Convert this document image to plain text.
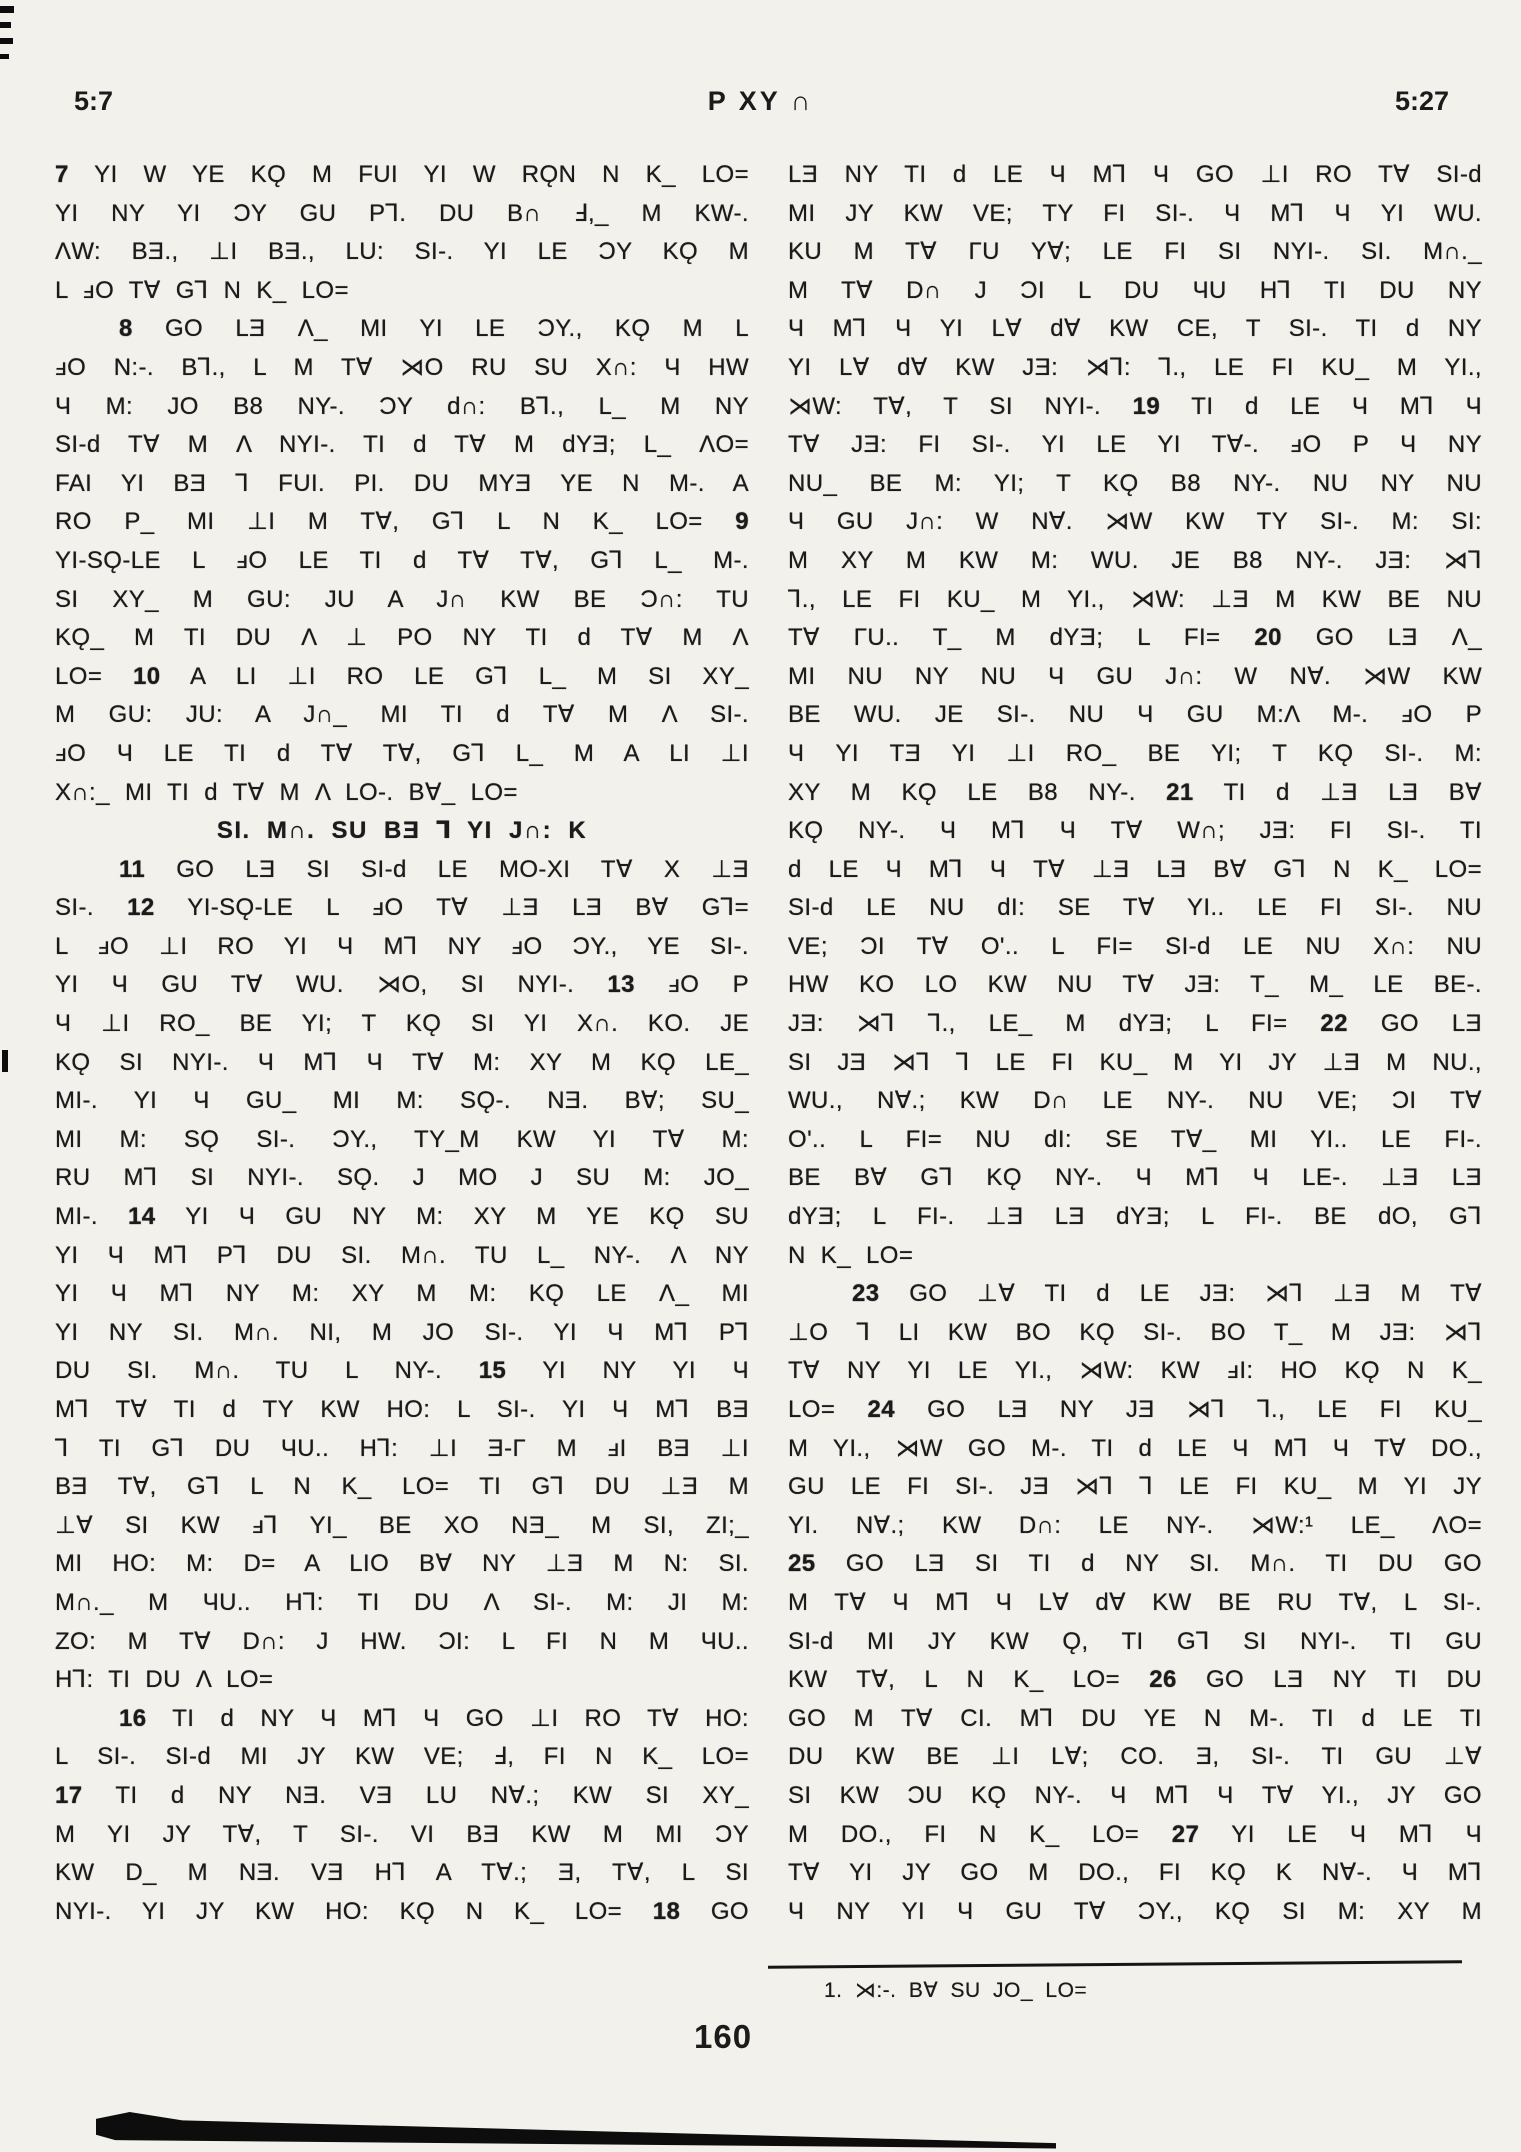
5:7	P XY ∩	5:27
7 YI W YE KǪ M FUI YI W RǪN N K_ LO=
YI NY YI ƆY GU P⅂. DU B∩ Ⅎ,_ M KW-.
ΛW: BƎ., ⊥I BƎ., LU: SI-. YI LE ƆY KǪ M
L ⅎO T∀ G⅂ N K_ LO=
8 GO LƎ Λ_ MI YI LE ƆY., KǪ M L
ⅎO N:-. B⅂., L M T∀ ⋊O RU SU X∩: Ч HW
Ч M: JO B8 NY-. ƆY d∩: B⅂., L_ M NY
SI-d T∀ M Λ NYI-. TI d T∀ M dYƎ; L_ ΛO=
FAI YI BƎ ⅂ FUI. PI. DU MYƎ YE N M-. A
RO P_ MI ⊥I M T∀, G⅂ L N K_ LO= 9
YI-SǪ-LE L ⅎO LE TI d T∀ T∀, G⅂ L_ M-.
SI XY_ M GU: JU A J∩ KW BE Ɔ∩: TU
KǪ_ M TI DU Λ ⊥ PO NY TI d T∀ M Λ
LO= 10 A LI ⊥I RO LE G⅂ L_ M SI XY_
M GU: JU: A J∩_ MI TI d T∀ M Λ SI-.
ⅎO Ч LE TI d T∀ T∀, G⅂ L_ M A LI ⊥I
X∩:_ MI TI d T∀ M Λ LO-. B∀_ LO=
SI. M∩. SU BƎ ⅂ YI J∩: K
11 GO LƎ SI SI-d LE MO-XI T∀ X ⊥Ǝ
SI-. 12 YI-SǪ-LE L ⅎO T∀ ⊥Ǝ LƎ B∀ G⅂=
L ⅎO ⊥I RO YI Ч M⅂ NY ⅎO ƆY., YE SI-.
YI Ч GU T∀ WU. ⋊O, SI NYI-. 13 ⅎO P
Ч ⊥I RO_ BE YI; T KǪ SI YI X∩. KO. JE
KǪ SI NYI-. Ч M⅂ Ч T∀ M: XY M KǪ LE_
MI-. YI Ч GU_ MI M: SǪ-. NƎ. B∀; SU_
MI M: SǪ SI-. ƆY., TY_M KW YI T∀ M:
RU M⅂ SI NYI-. SǪ. J MO J SU M: JO_
MI-. 14 YI Ч GU NY M: XY M YE KǪ SU
YI Ч M⅂ P⅂ DU SI. M∩. TU L_ NY-. Λ NY
YI Ч M⅂ NY M: XY M M: KǪ LE Λ_ MI
YI NY SI. M∩. NI, M JO SI-. YI Ч M⅂ P⅂
DU SI. M∩. TU L NY-. 15 YI NY YI Ч
M⅂ T∀ TI d TY KW HO: L SI-. YI Ч M⅂ BƎ
⅂ TI G⅂ DU ЧU.. H⅂: ⊥I Ǝ-Γ M ⅎI BƎ ⊥I
BƎ T∀, G⅂ L N K_ LO= TI G⅂ DU ⊥Ǝ M
⊥∀ SI KW ⅎ⅂ YI_ BE XO NƎ_ M SI, ZI;_
MI HO: M: D= A LIO B∀ NY ⊥Ǝ M N: SI.
M∩._ M ЧU.. H⅂: TI DU Λ SI-. M: JI M:
ZO: M T∀ D∩: J HW. ƆI: L FI N M ЧU..
H⅂: TI DU Λ LO=
16 TI d NY Ч M⅂ Ч GO ⊥I RO T∀ HO:
L SI-. SI-d MI JY KW VE; Ⅎ, FI N K_ LO=
17 TI d NY NƎ. VƎ LU N∀.; KW SI XY_
M YI JY T∀, T SI-. VI BƎ KW M MI ƆY
KW D_ M NƎ. VƎ H⅂ A T∀.; Ǝ, T∀, L SI
NYI-. YI JY KW HO: KǪ N K_ LO= 18 GO
LƎ NY TI d LE Ч M⅂ Ч GO ⊥I RO T∀ SI-d
MI JY KW VE; TY FI SI-. Ч M⅂ Ч YI WU.
KU M T∀ ΓU Y∀; LE FI SI NYI-. SI. M∩._
M T∀ D∩ J ƆI L DU ЧU H⅂ TI DU NY
Ч M⅂ Ч YI L∀ d∀ KW CE, T SI-. TI d NY
YI L∀ d∀ KW JƎ: ⋊⅂: ⅂., LE FI KU_ M YI.,
⋊W: T∀, T SI NYI-. 19 TI d LE Ч M⅂ Ч
T∀ JƎ: FI SI-. YI LE YI T∀-. ⅎO P Ч NY
NU_ BE M: YI; T KǪ B8 NY-. NU NY NU
Ч GU J∩: W N∀. ⋊W KW TY SI-. M: SI:
M XY M KW M: WU. JE B8 NY-. JƎ: ⋊⅂
⅂., LE FI KU_ M YI., ⋊W: ⊥Ǝ M KW BE NU
T∀ ΓU.. T_ M dYƎ; L FI= 20 GO LƎ Λ_
MI NU NY NU Ч GU J∩: W N∀. ⋊W KW
BE WU. JE SI-. NU Ч GU M:Λ M-. ⅎO P
Ч YI TƎ YI ⊥I RO_ BE YI; T KǪ SI-. M:
XY M KǪ LE B8 NY-. 21 TI d ⊥Ǝ LƎ B∀
KǪ NY-. Ч M⅂ Ч T∀ W∩; JƎ: FI SI-. TI
d LE Ч M⅂ Ч T∀ ⊥Ǝ LƎ B∀ G⅂ N K_ LO=
SI-d LE NU dI: SE T∀ YI.. LE FI SI-. NU
VE; ƆI T∀ O'.. L FI= SI-d LE NU X∩: NU
HW KO LO KW NU T∀ JƎ: T_ M_ LE BE-.
JƎ: ⋊⅂ ⅂., LE_ M dYƎ; L FI= 22 GO LƎ
SI JƎ ⋊⅂ ⅂ LE FI KU_ M YI JY ⊥Ǝ M NU.,
WU., N∀.; KW D∩ LE NY-. NU VE; ƆI T∀
O'.. L FI= NU dI: SE T∀_ MI YI.. LE FI-.
BE B∀ G⅂ KǪ NY-. Ч M⅂ Ч LE-. ⊥Ǝ LƎ
dYƎ; L FI-. ⊥Ǝ LƎ dYƎ; L FI-. BE dO, G⅂
N K_ LO=
23 GO ⊥∀ TI d LE JƎ: ⋊⅂ ⊥Ǝ M T∀
⊥O ⅂ LI KW BO KǪ SI-. BO T_ M JƎ: ⋊⅂
T∀ NY YI LE YI., ⋊W: KW ⅎI: HO KǪ N K_
LO= 24 GO LƎ NY JƎ ⋊⅂ ⅂., LE FI KU_
M YI., ⋊W GO M-. TI d LE Ч M⅂ Ч T∀ DO.,
GU LE FI SI-. JƎ ⋊⅂ ⅂ LE FI KU_ M YI JY
YI. N∀.; KW D∩: LE NY-. ⋊W:¹ LE_ ΛO=
25 GO LƎ SI TI d NY SI. M∩. TI DU GO
M T∀ Ч M⅂ Ч L∀ d∀ KW BE RU T∀, L SI-.
SI-d MI JY KW Ǫ, TI G⅂ SI NYI-. TI GU
KW T∀, L N K_ LO= 26 GO LƎ NY TI DU
GO M T∀ CI. M⅂ DU YE N M-. TI d LE TI
DU KW BE ⊥I L∀; CO. Ǝ, SI-. TI GU ⊥∀
SI KW ƆU KǪ NY-. Ч M⅂ Ч T∀ YI., JY GO
M DO., FI N K_ LO= 27 YI LE Ч M⅂ Ч
T∀ YI JY GO M DO., FI KǪ K N∀-. Ч M⅂
Ч NY YI Ч GU T∀ ƆY., KǪ SI M: XY M
1. ⋊:-. B∀ SU JO_ LO=
160
